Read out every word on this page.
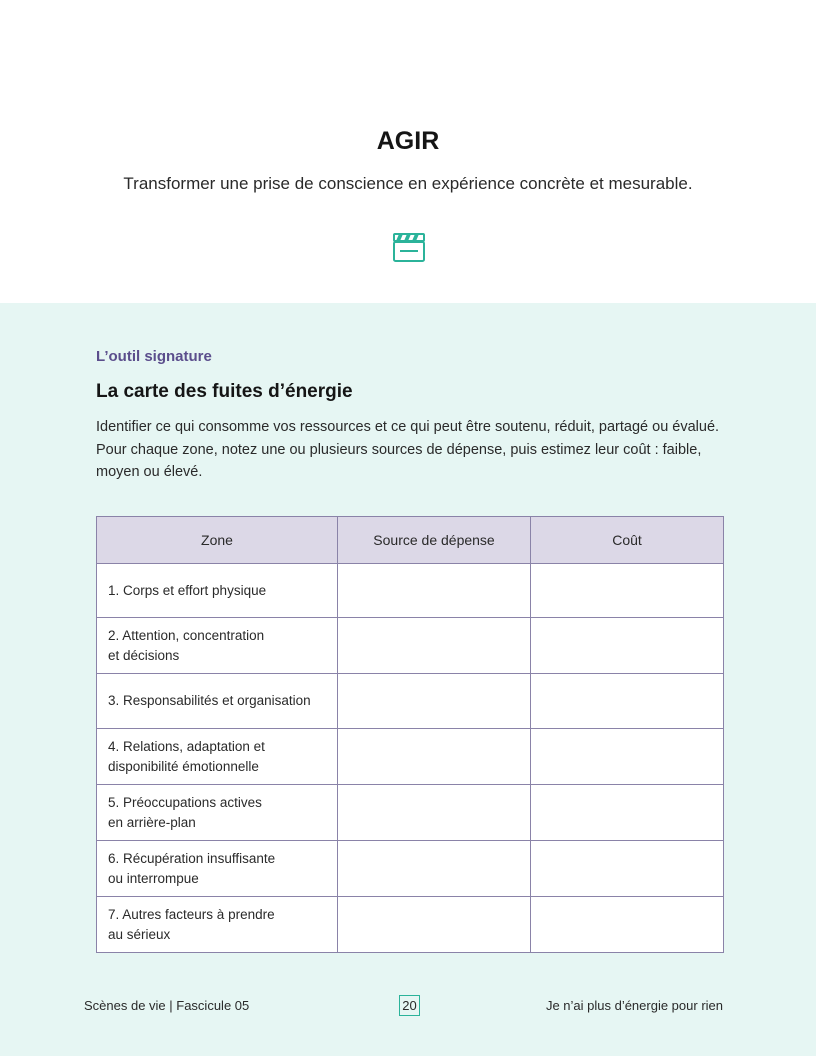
AGIR
Transformer une prise de conscience en expérience concrète et mesurable.
L’outil signature
La carte des fuites d’énergie
Identifier ce qui consomme vos ressources et ce qui peut être soutenu, réduit, partagé ou évalué. Pour chaque zone, notez une ou plusieurs sources de dépense, puis estimez leur coût : faible, moyen ou élevé.
Zone	Source de dépense	Coût
1. Corps et effort physique		
2. Attention, concentration
et décisions		
3. Responsabilités et organisation		
4. Relations, adaptation et
disponibilité émotionnelle		
5. Préoccupations actives
en arrière-plan		
6. Récupération insuffisante
ou interrompue		
7. Autres facteurs à prendre
au sérieux		
Scènes de vie | Fascicule 05	20	Je n’ai plus d’énergie pour rien
